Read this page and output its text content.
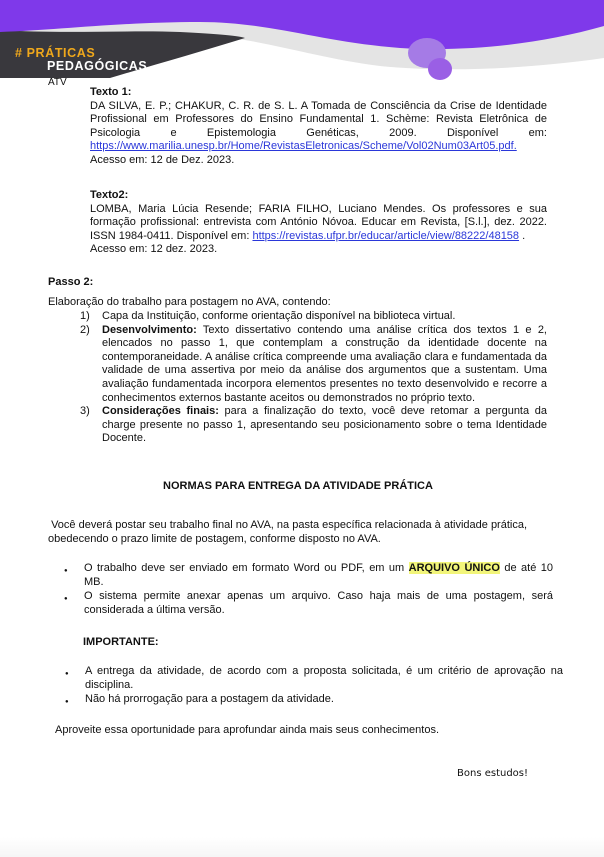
# PRÁTICAS
PEDAGÓGICAS
ATV
Texto 1:
DA SILVA, E. P.; CHAKUR, C. R. de S. L. A Tomada de Consciência da Crise de Identidade Profissional em Professores do Ensino Fundamental 1. Schème: Revista Eletrônica de Psicologia e Epistemologia Genéticas, 2009. Disponível em: https://www.marilia.unesp.br/Home/RevistasEletronicas/Scheme/Vol02Num03Art05.pdf.
Acesso em: 12 de Dez. 2023.
Texto2:
LOMBA, Maria Lúcia Resende; FARIA FILHO, Luciano Mendes. Os professores e sua formação profissional: entrevista com António Nóvoa. Educar em Revista, [S.l.], dez. 2022. ISSN 1984-0411. Disponível em: https://revistas.ufpr.br/educar/article/view/88222/48158 .
Acesso em: 12 dez. 2023.
Passo 2:
Elaboração do trabalho para postagem no AVA, contendo:
1) Capa da Instituição, conforme orientação disponível na biblioteca virtual.
2) Desenvolvimento: Texto dissertativo contendo uma análise crítica dos textos 1 e 2, elencados no passo 1, que contemplam a construção da identidade docente na contemporaneidade. A análise crítica compreende uma avaliação clara e fundamentada da validade de uma assertiva por meio da análise dos argumentos que a sustentam. Uma avaliação fundamentada incorpora elementos presentes no texto desenvolvido e recorre a conhecimentos externos bastante aceitos ou demonstrados no próprio texto.
3) Considerações finais: para a finalização do texto, você deve retomar a pergunta da charge presente no passo 1, apresentando seu posicionamento sobre o tema Identidade Docente.
NORMAS PARA ENTREGA DA ATIVIDADE PRÁTICA
Você deverá postar seu trabalho final no AVA, na pasta específica relacionada à atividade prática, obedecendo o prazo limite de postagem, conforme disposto no AVA.
● O trabalho deve ser enviado em formato Word ou PDF, em um ARQUIVO ÚNICO de até 10 MB.
● O sistema permite anexar apenas um arquivo. Caso haja mais de uma postagem, será considerada a última versão.
IMPORTANTE:
● A entrega da atividade, de acordo com a proposta solicitada, é um critério de aprovação na disciplina.
● Não há prorrogação para a postagem da atividade.
Aproveite essa oportunidade para aprofundar ainda mais seus conhecimentos.
Bons estudos!
